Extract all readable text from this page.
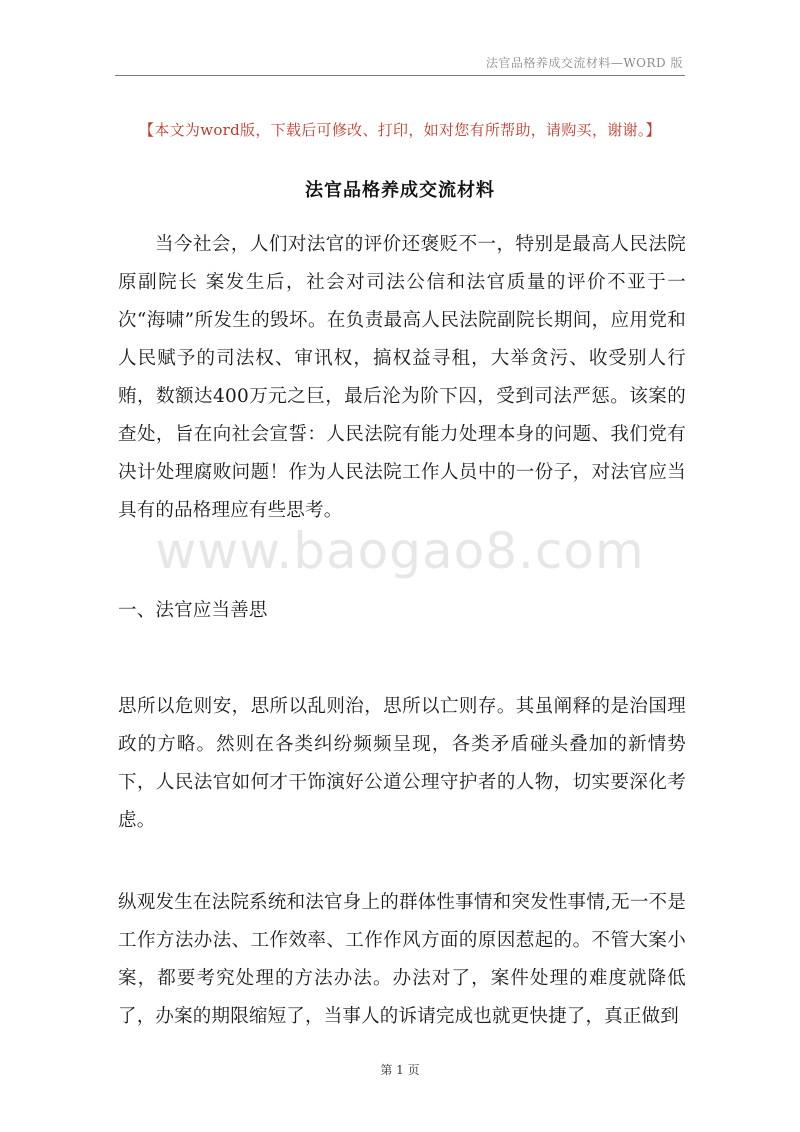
法官品格养成交流材料—WORD 版
【本文为word版，下载后可修改、打印，如对您有所帮助，请购买，谢谢。】
法官品格养成交流材料

当今社会，人们对法官的评价还褒贬不一，特别是最高人民法院原副院长 案发生后，社会对司法公信和法官质量的评价不亚于一次“海啸”所发生的毁坏。在负责最高人民法院副院长期间，应用党和人民赋予的司法权、审讯权，搞权益寻租，大举贪污、收受别人行贿，数额达400万元之巨，最后沦为阶下囚，受到司法严惩。该案的查处，旨在向社会宣誓：人民法院有能力处理本身的问题、我们党有决计处理腐败问题！作为人民法院工作人员中的一份子，对法官应当具有的品格理应有些思考。

一、法官应当善思

思所以危则安，思所以乱则治，思所以亡则存。其虽阐释的是治国理政的方略。然则在各类纠纷频频呈现，各类矛盾碰头叠加的新情势下，人民法官如何才干饰演好公道公理守护者的人物，切实要深化考虑。

纵观发生在法院系统和法官身上的群体性事情和突发性事情,无一不是工作方法办法、工作效率、工作作风方面的原因惹起的。不管大案小案，都要考究处理的方法办法。办法对了，案件处理的难度就降低了，办案的期限缩短了，当事人的诉请完成也就更快捷了，真正做到

www.baogao8.com
第 1 页
